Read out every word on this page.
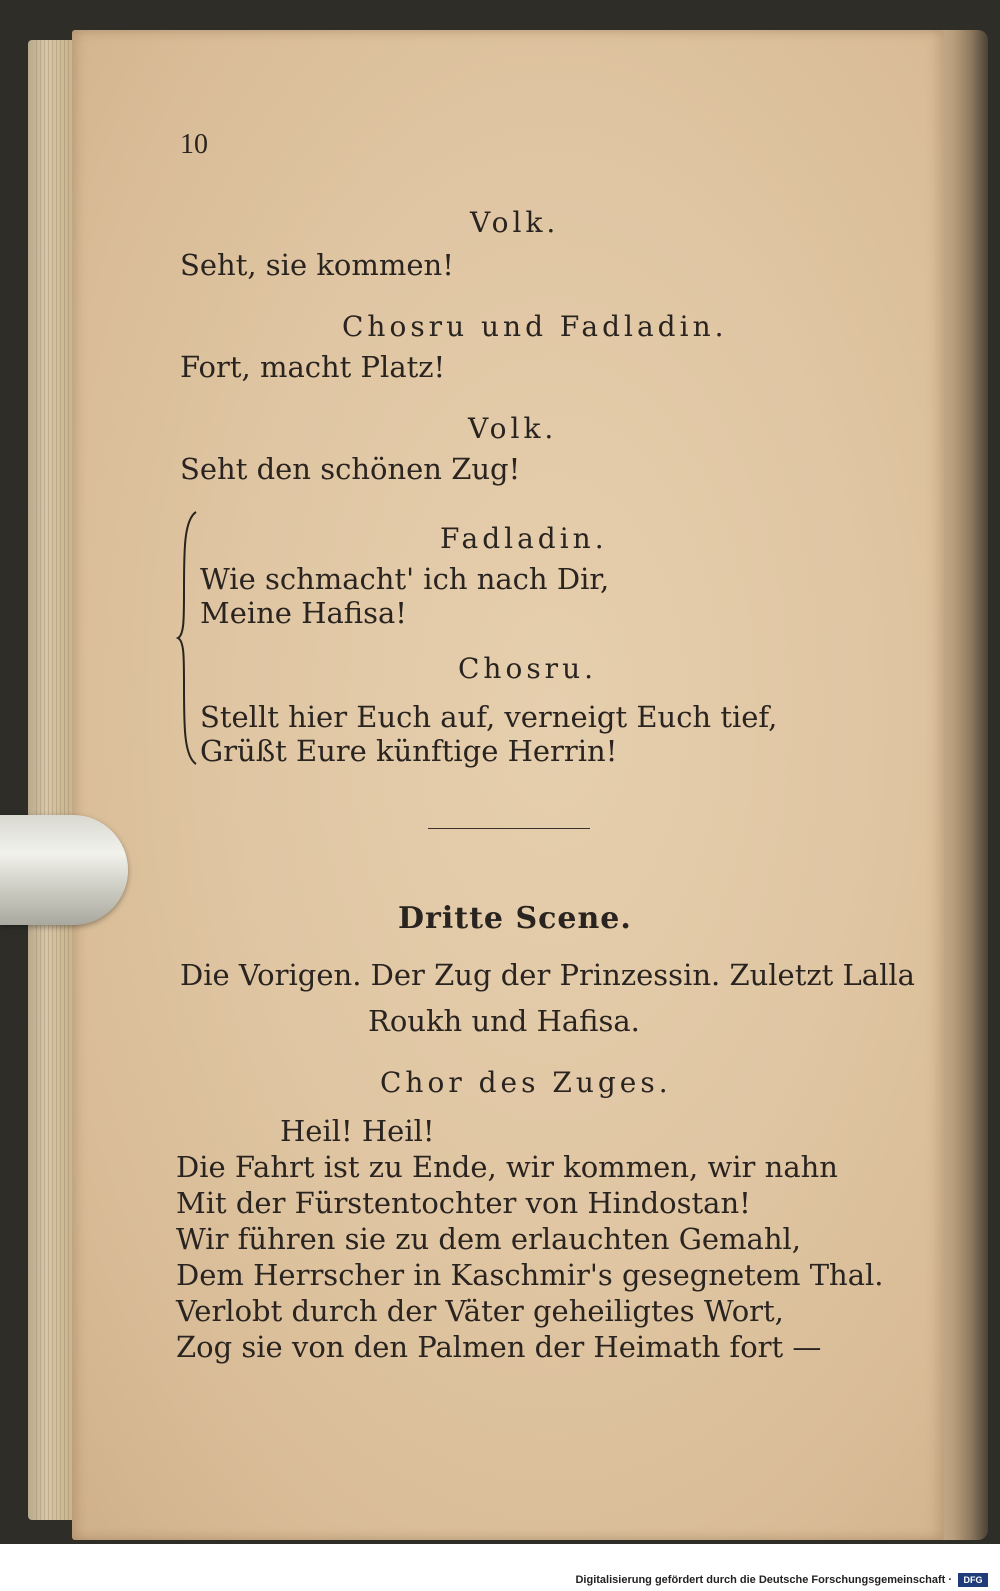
10
Volk.
Seht, sie kommen!
Chosru und Fadladin.
Fort, macht Platz!
Volk.
Seht den schönen Zug!
Fadladin.
Wie schmacht' ich nach Dir,
Meine Hafisa!
Chosru.
Stellt hier Euch auf, verneigt Euch tief,
Grüßt Eure künftige Herrin!
Dritte Scene.
Die Vorigen. Der Zug der Prinzessin. Zuletzt Lalla
Roukh und Hafisa.
Chor des Zuges.
Heil! Heil!
Die Fahrt ist zu Ende, wir kommen, wir nahn
Mit der Fürstentochter von Hindostan!
Wir führen sie zu dem erlauchten Gemahl,
Dem Herrscher in Kaschmir's gesegnetem Thal.
Verlobt durch der Väter geheiligtes Wort,
Zog sie von den Palmen der Heimath fort —
Digitalisierung gefördert durch die Deutsche Forschungsgemeinschaft ·	DFG
